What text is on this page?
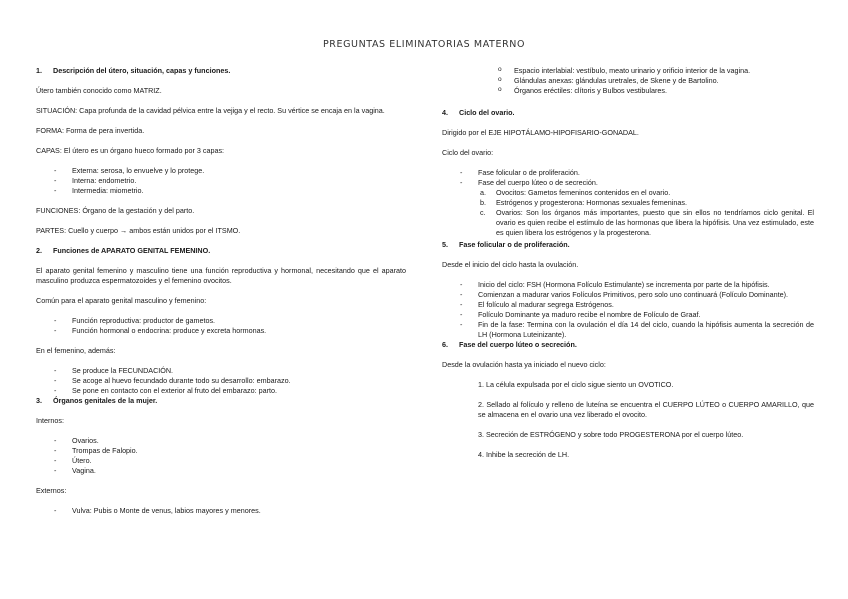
PREGUNTAS ELIMINATORIAS MATERNO
1. Descripción del útero, situación, capas y funciones.

Útero también conocido como MATRIZ.

SITUACIÓN: Capa profunda de la cavidad pélvica entre la vejiga y el recto. Su vértice se encaja en la vagina.

FORMA: Forma de pera invertida.

CAPAS: El útero es un órgano hueco formado por 3 capas:

- Externa: serosa, lo envuelve y lo protege.
- Interna: endometrio.
- Intermedia: miometrio.

FUNCIONES: Órgano de la gestación y del parto.

PARTES: Cuello y cuerpo → ambos están unidos por el ITSMO.

2. Funciones de APARATO GENITAL FEMENINO.

El aparato genital femenino y masculino tiene una función reproductiva y hormonal, necesitando que el aparato masculino produzca espermatozoides y el femenino ovocitos.

Común para el aparato genital masculino y femenino:

- Función reproductiva: productor de gametos.
- Función hormonal o endocrina: produce y excreta hormonas.

En el femenino, además:

- Se produce la FECUNDACIÓN.
- Se acoge al huevo fecundado durante todo su desarrollo: embarazo.
- Se pone en contacto con el exterior al fruto del embarazo: parto.
3. Órganos genitales de la mujer.

Internos:

- Ovarios.
- Trompas de Falopio.
- Útero.
- Vagina.

Externos:

- Vulva: Pubis o Monte de venus, labios mayores y menores.
o Espacio interlabial: vestíbulo, meato urinario y orificio interior de la vagina.
o Glándulas anexas: glándulas uretrales, de Skene y de Bartolino.
o Órganos eréctiles: clítoris y Bulbos vestibulares.
4. Ciclo del ovario.

Dirigido por el EJE HIPOTÁLAMO-HIPOFISARIO-GONADAL.

Ciclo del ovario:

- Fase folicular o de proliferación.
- Fase del cuerpo lúteo o de secreción.
a. Ovocitos: Gametos femeninos contenidos en el ovario.
b. Estrógenos y progesterona: Hormonas sexuales femeninas.
c. Ovarios: Son los órganos más importantes, puesto que sin ellos no tendríamos ciclo genital. El ovario es quien recibe el estímulo de las hormonas que libera la hipófisis. Una vez estimulado, este es quien libera los estrógenos y la progesterona.
5. Fase folicular o de proliferación.

Desde el inicio del ciclo hasta la ovulación.

- Inicio del ciclo: FSH (Hormona Folículo Estimulante) se incrementa por parte de la hipófisis.
- Comienzan a madurar varios Folículos Primitivos, pero solo uno continuará (Folículo Dominante).
- El folículo al madurar segrega Estrógenos.
- Folículo Dominante ya maduro recibe el nombre de Folículo de Graaf.
- Fin de la fase: Termina con la ovulación el día 14 del ciclo, cuando la hipófisis aumenta la secreción de LH (Hormona Luteinizante).
6. Fase del cuerpo lúteo o secreción.

Desde la ovulación hasta ya iniciado el nuevo ciclo:

1. La célula expulsada por el ciclo sigue siento un OVOTICO.

2. Sellado al folículo y relleno de luteína se encuentra el CUERPO LÚTEO o CUERPO AMARILLO, que se almacena en el ovario una vez liberado el ovocito.

3. Secreción de ESTRÓGENO y sobre todo PROGESTERONA por el cuerpo lúteo.

4. Inhibe la secreción de LH.
